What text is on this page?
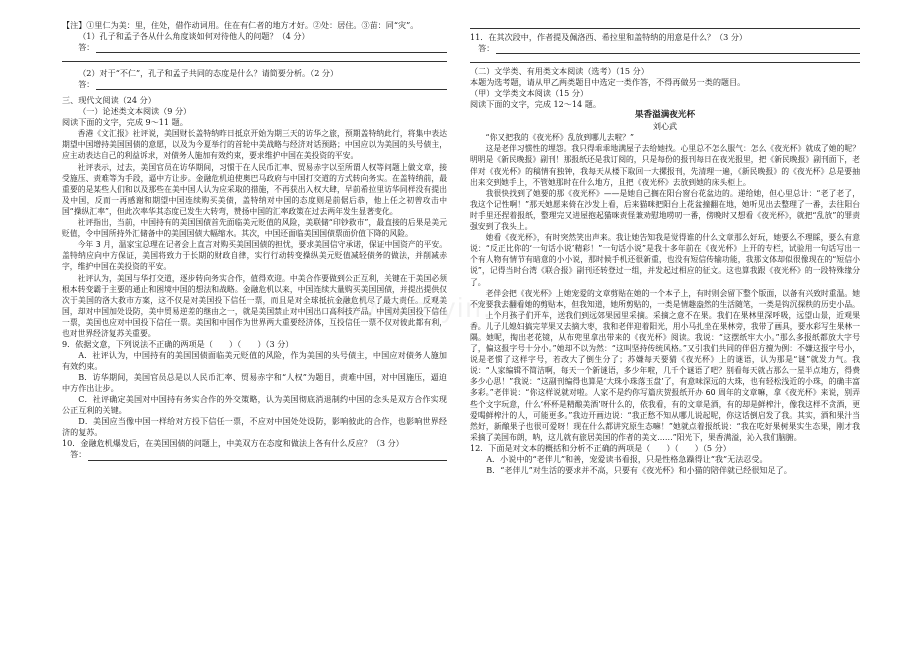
www.ziyin.com
【注】①里仁为美：里，住处，借作动词用。住在有仁者的地方才好。②处：居住。③苗：同“灾”。
（1）孔子和孟子各从什么角度谈如何对待他人的问题？（4 分）
答：
（2）对于“不仁”，孔子和孟子共同的态度是什么？请简要分析。（2 分）
答：
三、现代文阅读（24 分）
（一）论述类文本阅读（9 分）
阅读下面的文字，完成 9～11 题。
香港《文汇报》社评说，美国财长盖特纳昨日抵京开始为期三天的访华之旅，预期盖特纳此行，将集中表达期望中国增持美国国债的意愿，以及为今夏举行的首轮中美战略与经济对话预路；中国应以为美国的头号债主，应主动表达自己的利益诉求，对债务人施加有效约束，要求维护中国在美投资的平安。
社评表示，过去，美国官员在访华期间，习惯于在人民币汇率、贸易赤字以至所谓人权等问题上做文章，接受施压、责难等为手段，逼中方让步。金融危机迫使奥巴马政府与中国打交道的方式转向务实。在盖特纳前，最重要的是某些人们和以及那些在美中国人认为应采取的措施，不再获出入权大肆，早前希拉里访华同样没有提出及中国，反而一再感谢和期望中国连续购买美债，盖特纳对中国的态度则是前倨后恭，他上任之初曾攻击中国“操纵汇率”，但此次率华其态度已发生大转弯，赞扬中国的汇率政策在过去两年发生显著变化。
社评指出，当前，中国持有的美国国债首先面临美元贬值的风险，美联储“印钞救市”，最直接的后果是美元贬值，令中国所持外汇储备中的美国国债大幅缩水。其次，中国还面临美国国债票面价值下降的风险。
今年 3 月，温家宝总理在记者会上直言对购买美国国债的担忧，要求美国信守承诺，保证中国资产的平安。盖特纳应向中方保证，美国将致力于长期的财政自律，实行行动转变操纵美元贬值减轻债务的做法，并削减赤字，维护中国在美投资的平安。
社评认为，美国与华打交道，逐步转向务实合作，值得欢迎。中美合作要做到公正互利，关键在于美国必须根本转变霸于主要的通止和困境中国的想法和战略。金融危机以来，中国连续大量购买美国国债，并提出提供仅次于美国的洛大救市方案，这不仅是对美国投下信任一票，而且是对全球抵抗金融危机尽了最大责任。反观美国，却对中国加处设防，美中贸易逆差的继由之一，就是美国禁止对中国出口高科技产品。中国对美国投下信任一票，美国也应对中国投下信任一票。美国和中国作为世界两大重要经济体，互投信任一票不仅对彼此都有利，也对世界经济复苏关重要。
9．依据文意，下列说法不正确的两项是（　　）（　　）（3 分）
A．社评认为，中国持有的美国国债面临美元贬值的风险，作为美国的头号债主，中国应对债务人施加有效约束。
B．访华期间，美国官员总是以人民币汇率、贸易赤字和“人权”为题目，责难中国，对中国施压，逼迫中方作出让步。
C．社评确定美国对中国持有务实合作的外交策略，认为美国彻底消退制约中国的念头是双方合作实现公正互利的关键。
D．美国应当像中国一样给对方投下信任一票，不应对中国处处设防，影响彼此的合作，也影响世界经济的复苏。
10．金融危机爆发后，在美国国债的问题上，中美双方在态度和做法上各有什么反应？（3 分）
答：
11．在其次段中，作者提及佩洛西、希拉里和盖特纳的用意是什么？（3 分）
答：
（二）文学类、有用类文本阅读（选考）（15 分）
本题为选考题，请从甲乙两类题目中选定一类作答，不得再做另一类的题目。
（甲）文学类文本阅读（15 分）
阅读下面的文字，完成 12～14 题。
果香溢满夜光杯
刘心武
“你又把我的《夜光杯》乱放到哪儿去啦？”
这是老伴习惯性的埋怨。我只得乖乖地满屋子去给她找。心里总不怎么服气：怎么《夜光杯》就成了她的呢？明明是《新民晚报》副刊！那报纸还是我订阅的，只是每份的报刊每日在夜光报里，把《新民晚报》副刊面下，老伴对《夜光杯》的稿情有独钟，我每天从楼下取回一大摞报刊，先清理一遍，《新民晚报》的《夜光杯》总是要抽出来交到她手上，不管她那时在什么地方，且把《夜光杯》去放到她的床头柜上。
我很快找到了她要的那《夜光杯》——是她自己搁在阳台窗台花盆边的。递给她，但心里总计：“老了老了，我这个记性啊！”那天她愿来倚在沙发上看，后来猫咪把阳台上花盆撞翻在地，她听见出去整理了一番，去往阳台时手里还捏着报纸，整理完又进屋抱起猫咪责怪兼劝慰地唠叨一番，傍晚时又想看《夜光杯》，就把“乱放”的罪责强安到了我头上。
她看《夜光杯》，有时突然笑出声来。我让她告知我是觉得谁的什么文章那么好玩，她要么不理睬，要么有意说：“反正比你的‘一句话小说’精彩！”一句话小说”是我十多年前在《夜光杯》上开的专栏，试验用一句话写出一个有人物有情节有暗意的小小说，那时候手机还很新重，也没有短信传输功能，我那文体却似很像现在的“短信小说”，记得当时台湾《联合报》副刊还转登过一组，并发起过相应的征文。这也算我跟《夜光杯》的一段特殊缘分了。
老伴会把《夜光杯》上她宠爱的文章剪贴在她的一个本子上，有时则会留下整个版面，以备有兴致时重温。她不宠要我去翻看她的剪贴本，但我知道，她所剪贴的，一类是情趣盎然的生活随笔，一类是钩沉探秩的历史小品。
上个月孩子们开车，送我们到远郊果园里采摘。采摘之意不在果。我们在果林里深呼吸，远望山景，近观果香。儿子儿媳妇搞完苹果又去摘大枣，我和老伴迎着阳光，用小马扎坐在果林旁，我带了画具，要水彩写生果林一隅。她呢，掏出老花镜，从布兜里拿出带来的《夜光杯》阅读。我说：“这摆纸牢大小。”那么多报纸都放大字号了，偏这报字号十分小。”她却不以为然：“这叫坚持传统风格。”又引我们共同的伴侣方擅为例：不嫌这报字号小，说是老惯了这样字号，若改大了倒生分了；苏嫌每天要猜《夜光杯》上的谜语，认为那是“谜”就发力气。我说：“人家编辑不简洁啊，每天一个新谜语，多少年啦，几千个谜语了吧？别看每天就占那么一星半点地方，得费多少心思！”我说：“这副刊编得也算是‘大珠小珠落玉盘’了，有意味深远的大珠，也有轻松浅近的小珠，的确丰富多彩。”老伴说：“你这样说就对啦。人家不是约你写篇庆贺报纸开办 60 周年的文章嘛，拿《夜光杯》来说，别弄些个文字玩意，什么‘杯杯是精酿美酒’呀什么的，依我看，有的文章是酒，有的却是鲜榨汁，像我这样不贪酒，更爱喝鲜榨汁的人，可能更多。”我边开画边说：“我正愁不知从哪儿说起呢，你这话倒启发了我。其实，酒和果汁当然好，新酿果子也很可爱呀！现在什么都讲究原生态嘛！”她就点着报纸说：“我在吃好果树果实生态果，刚才我采摘了美国布朗，呐，这儿就有旅居美国的作者的美文……”阳光下，果香满溢，沁入我们脑腑。
12．下面是对文本的概括和分析不正确的两项是（　　）（　　）（5 分）
A．小说中的“老伴儿”和善，宠爱读书看报，只是性格急躁得让“我”无法忍受。
B．“老伴儿”对生活的要求并不高，只要有《夜光杯》和小猫的陪伴就已经很知足了。
